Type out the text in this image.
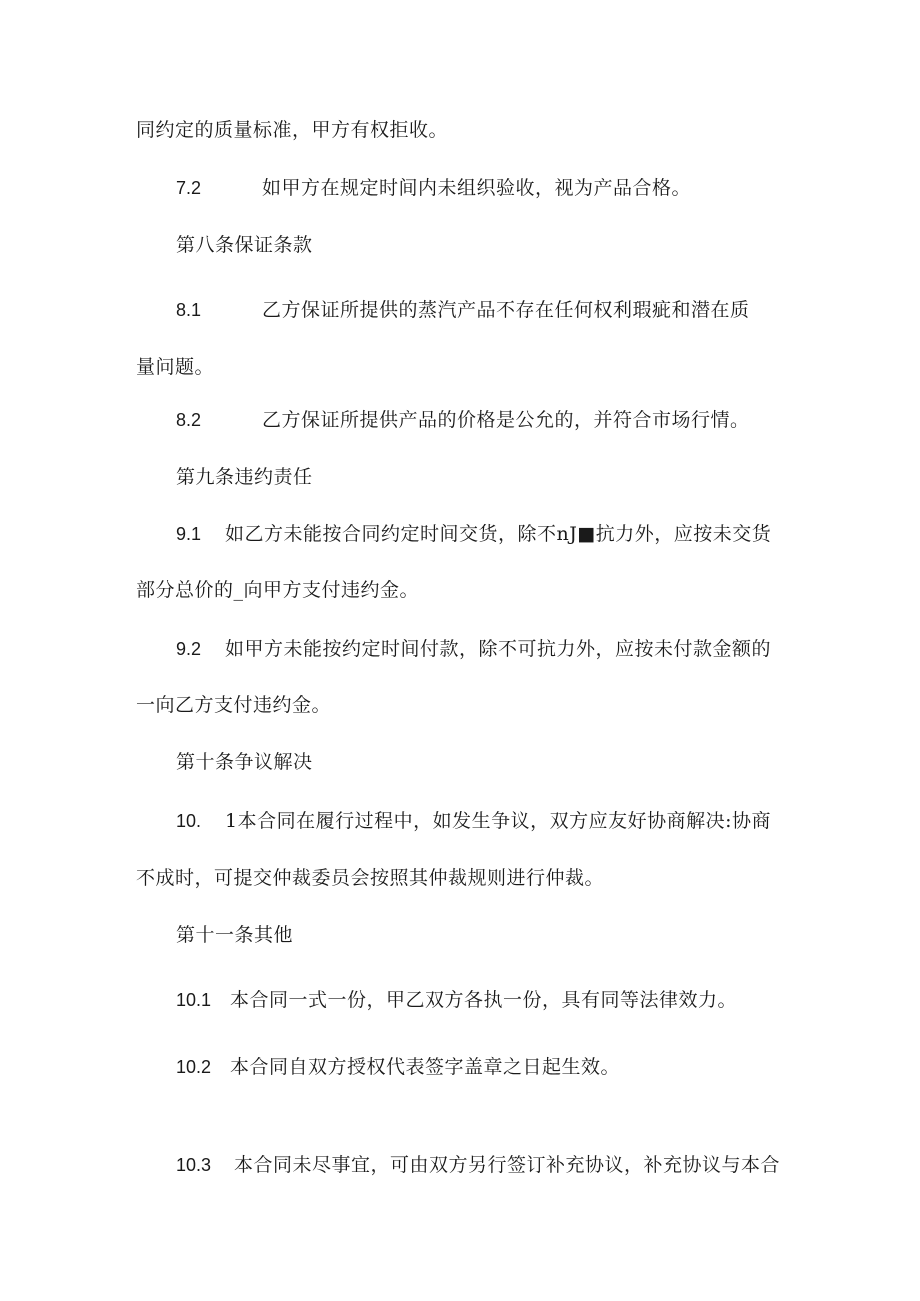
同约定的质量标准，甲方有权拒收。
7.2	如甲方在规定时间内未组织验收，视为产品合格。
第八条保证条款
8.1	乙方保证所提供的蒸汽产品不存在任何权利瑕疵和潜在质
量问题。
8.2	乙方保证所提供产品的价格是公允的，并符合市场行情。
第九条违约责任
9.1 如乙方未能按合同约定时间交货，除不nJ■抗力外，应按未交货
部分总价的_向甲方支付违约金。
9.2 如甲方未能按约定时间付款，除不可抗力外，应按未付款金额的
一向乙方支付违约金。
第十条争议解决
10. 1本合同在履行过程中，如发生争议，双方应友好协商解决:协商
不成时，可提交仲裁委员会按照其仲裁规则进行仲裁。
第十一条其他
10.1 本合同一式一份，甲乙双方各执一份，具有同等法律效力。
10.2 本合同自双方授权代表签字盖章之日起生效。
10.3 本合同未尽事宜，可由双方另行签订补充协议，补充协议与本合
